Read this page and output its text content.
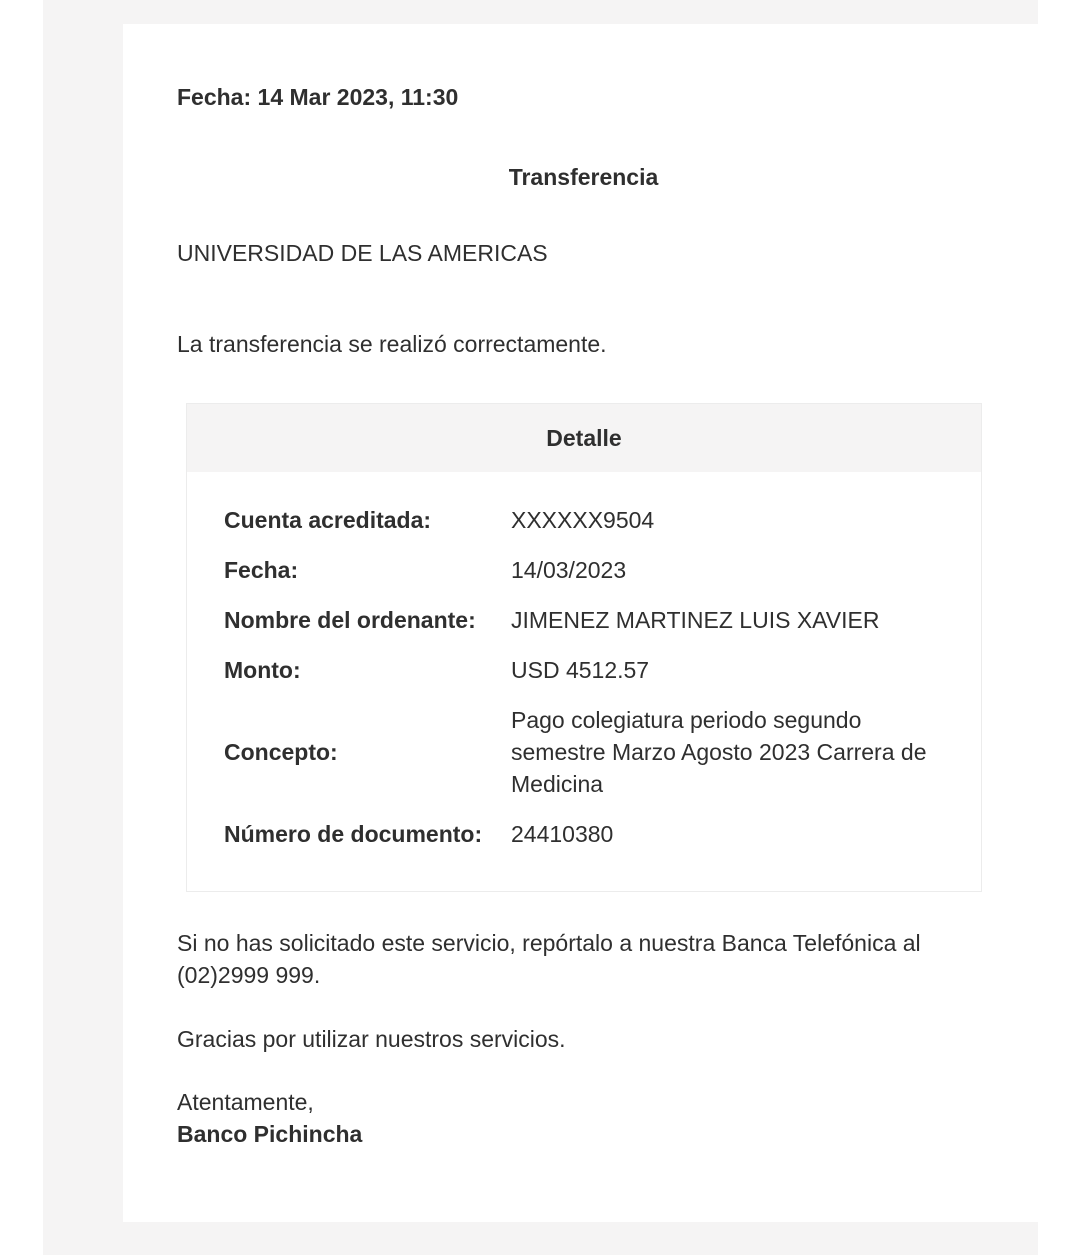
Fecha: 14 Mar 2023, 11:30
Transferencia
UNIVERSIDAD DE LAS AMERICAS
La transferencia se realizó correctamente.
Detalle
Cuenta acreditada:	XXXXXX9504
Fecha:	14/03/2023
Nombre del ordenante:	JIMENEZ MARTINEZ LUIS XAVIER
Monto:	USD 4512.57
Concepto:	Pago colegiatura periodo segundo semestre Marzo Agosto 2023 Carrera de Medicina
Número de documento:	24410380
Si no has solicitado este servicio, repórtalo a nuestra Banca Telefónica al (02)2999 999.
Gracias por utilizar nuestros servicios.
Atentamente,
Banco Pichincha
